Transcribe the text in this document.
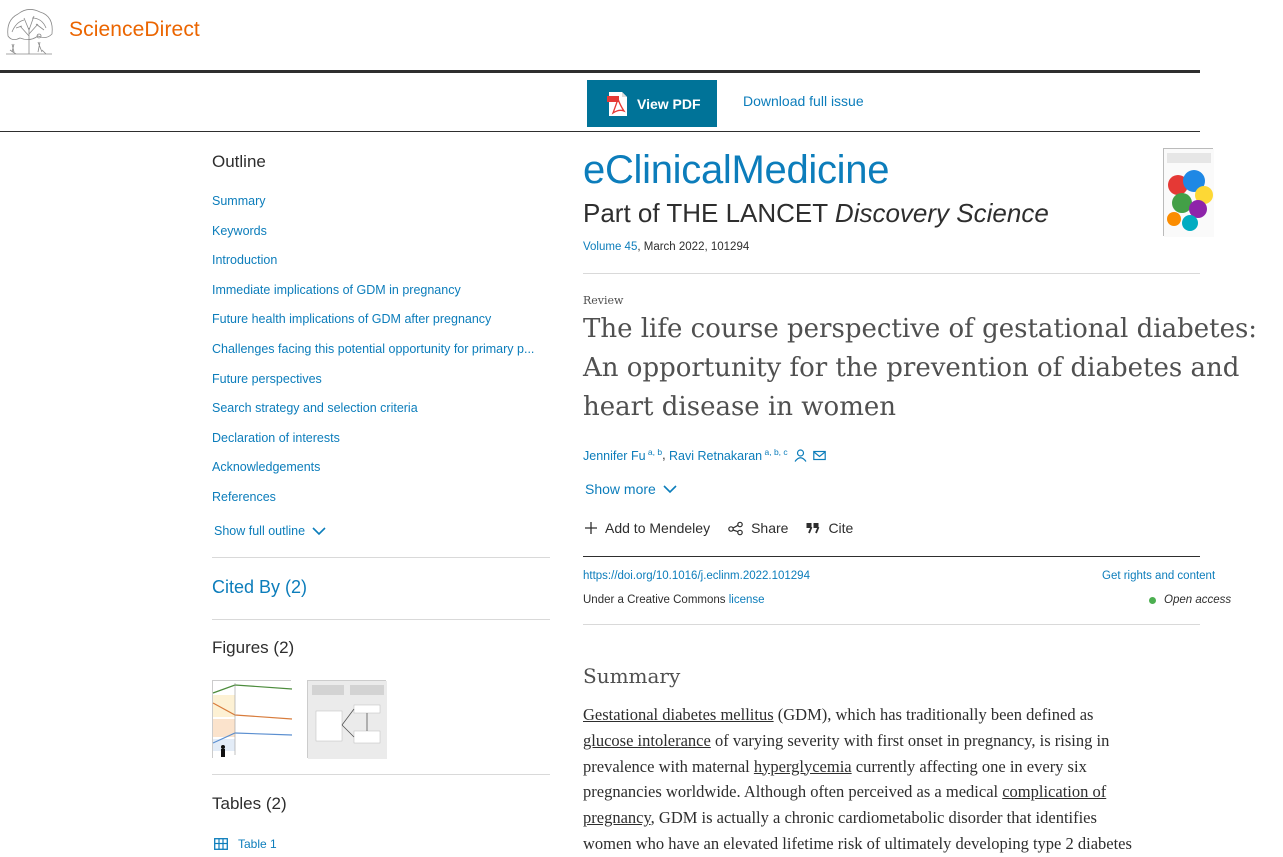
ScienceDirect
View PDF	Download full issue
Outline
Summary
Keywords
Introduction
Immediate implications of GDM in pregnancy
Future health implications of GDM after pregnancy
Challenges facing this potential opportunity for primary p...
Future perspectives
Search strategy and selection criteria
Declaration of interests
Acknowledgements
References
Show full outline
Cited By (2)
Figures (2)
Tables (2)
Table 1
eClinicalMedicine
Part of THE LANCET Discovery Science
Volume 45, March 2022, 101294
Review
The life course perspective of gestational diabetes:
An opportunity for the prevention of diabetes and
heart disease in women
Jennifer Fu $^{a, b}$ , Ravi Retnakaran $^{a, b, c}$
Show more
Add to Mendeley	Share	Cite
https://doi.org/10.1016/j.eclinm.2022.101294	Get rights and content
Under a Creative Commons license	Open access
Summary
Gestational diabetes mellitus (GDM), which has traditionally been defined as
glucose intolerance of varying severity with first onset in pregnancy, is rising in
prevalence with maternal hyperglycemia currently affecting one in every six
pregnancies worldwide. Although often perceived as a medical complication of
pregnancy, GDM is actually a chronic cardiometabolic disorder that identifies
women who have an elevated lifetime risk of ultimately developing type 2 diabetes
